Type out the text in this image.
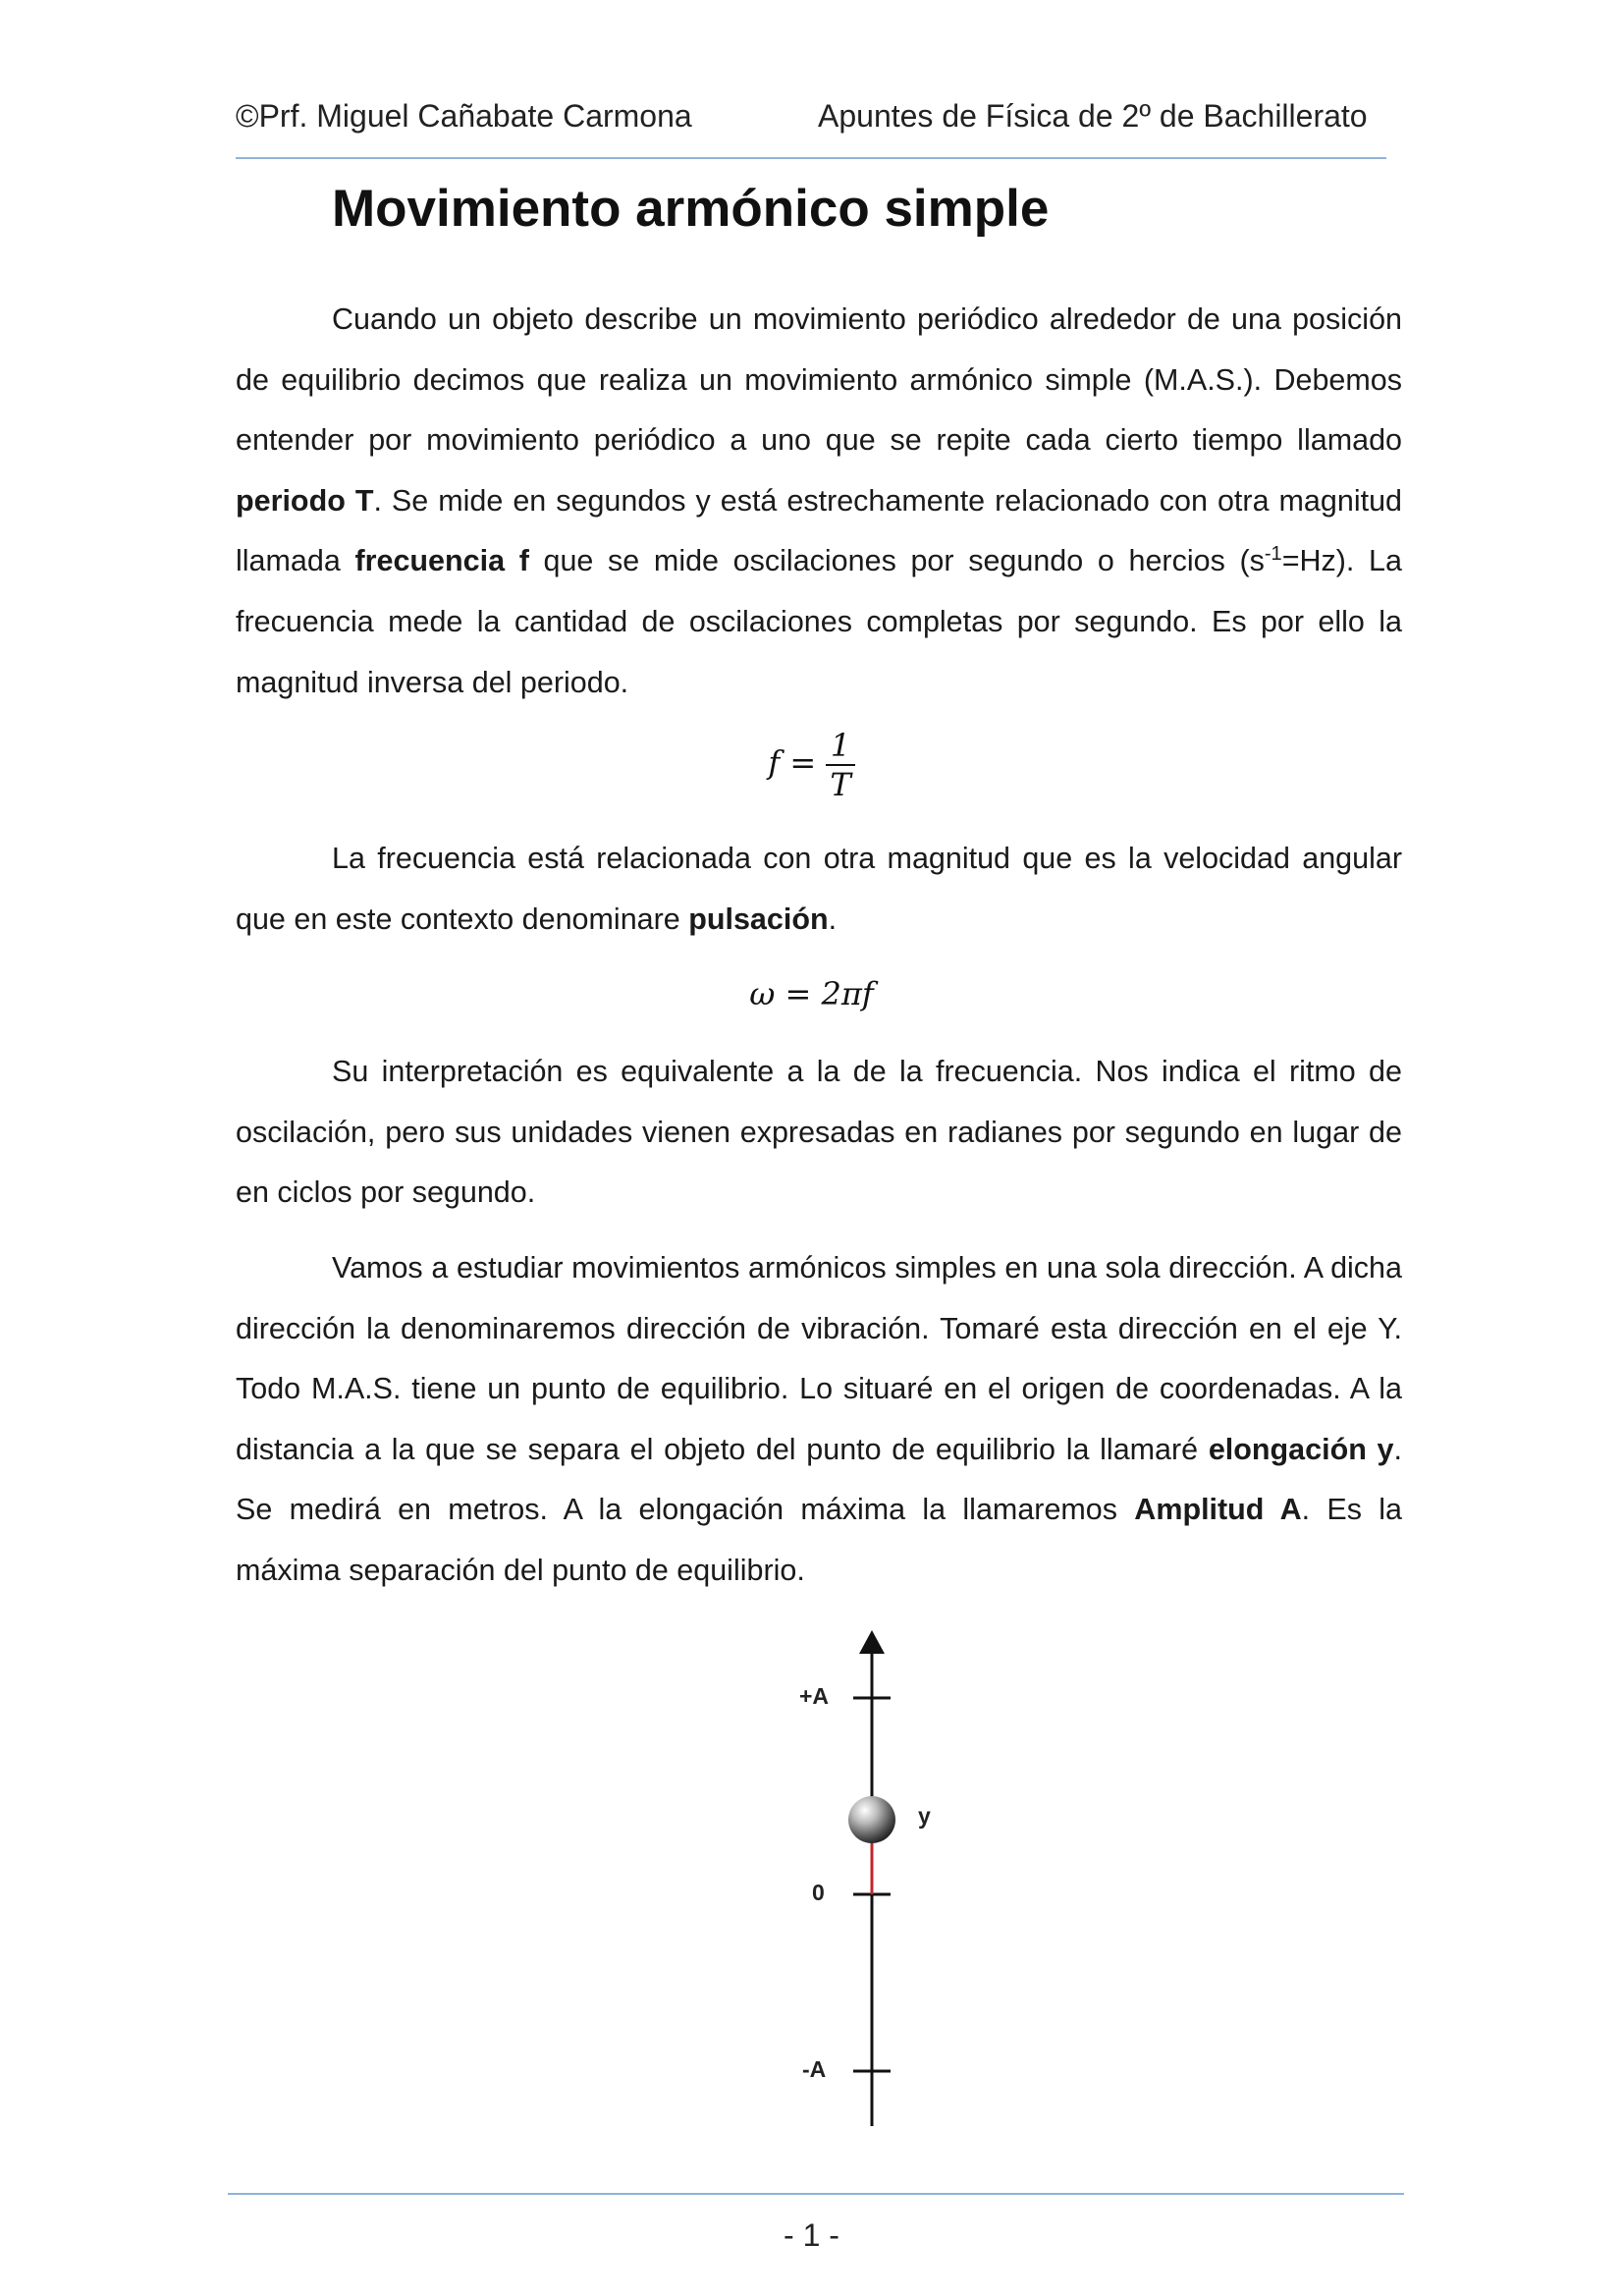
©Prf. Miguel Cañabate Carmona	Apuntes de Física de 2º de Bachillerato
Movimiento armónico simple

Cuando un objeto describe un movimiento periódico alrededor de una posición de equilibrio decimos que realiza un movimiento armónico simple (M.A.S.). Debemos entender por movimiento periódico a uno que se repite cada cierto tiempo llamado periodo T. Se mide en segundos y está estrechamente relacionado con otra magnitud llamada frecuencia f que se mide oscilaciones por segundo o hercios $(s^{-1}=Hz)$. La frecuencia mede la cantidad de oscilaciones completas por segundo. Es por ello la magnitud inversa del periodo.

$f = \frac{1}{T}$

La frecuencia está relacionada con otra magnitud que es la velocidad angular que en este contexto denominare pulsación.

ω = 2πf

Su interpretación es equivalente a la de la frecuencia. Nos indica el ritmo de oscilación, pero sus unidades vienen expresadas en radianes por segundo en lugar de en ciclos por segundo.

Vamos a estudiar movimientos armónicos simples en una sola dirección. A dicha dirección la denominaremos dirección de vibración. Tomaré esta dirección en el eje Y. Todo M.A.S. tiene un punto de equilibrio. Lo situaré en el origen de coordenadas. A la distancia a la que se separa el objeto del punto de equilibrio la llamaré elongación y. Se medirá en metros. A la elongación máxima la llamaremos Amplitud A. Es la máxima separación del punto de equilibrio.

+A
0
-A
y
- 1 -
